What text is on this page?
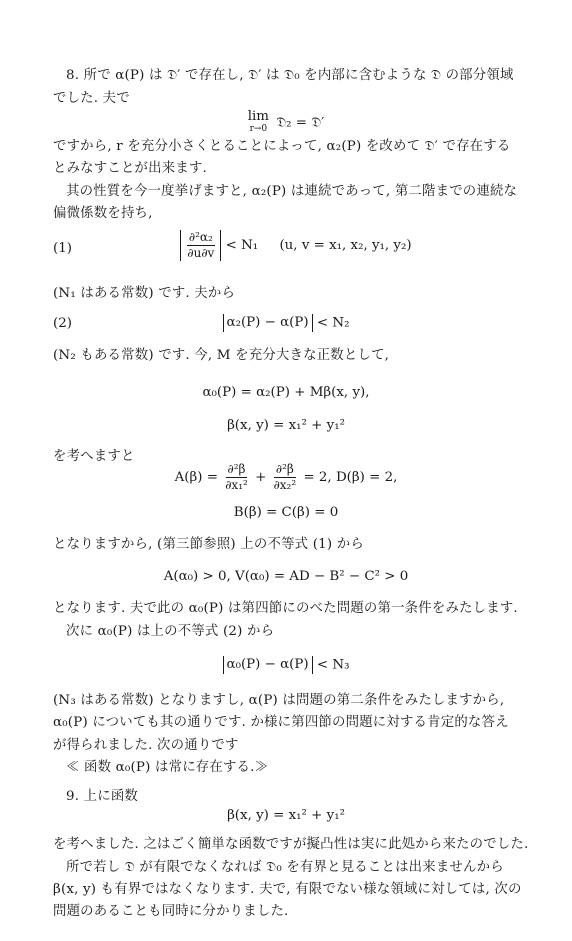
8. 所で α(P) は 𝔇′ で存在し, 𝔇′ は 𝔇₀ を内部に含むような 𝔇 の部分領域
でした. 夫で
lim
r→0 𝔇₂ = 𝔇′
ですから, r を充分小さくとることによって, α₂(P) を改めて 𝔇′ で存在する
とみなすことが出来ます.
其の性質を今一度挙げますと, α₂(P) は連続であって, 第二階までの連続な
偏微係数を持ち,
(1)	$\frac{\text{∂²α₂}}{\partial u\partial v} < N_1$ (u, v = x₁, x₂, y₁, y₂)
(N₁ はある常数) です. 夫から
(2)	α₂(P) − α(P) < N₂
(N₂ もある常数) です. 今, M を充分大きな正数として,
α₀(P) = α₂(P) + Mβ(x, y),
β(x, y) = x₁² + y₁²
を考へますと
$A(\beta) = \frac{\text{∂²β}}{\text{∂x₁²}} + \frac{\text{∂²β}}{\text{∂x₂²}} = 2$, D(β) = 2,
B(β) = C(β) = 0
となりますから, (第三節参照) 上の不等式 (1) から
A(α₀) > 0, V(α₀) = AD − B² − C² > 0
となります. 夫で此の α₀(P) は第四節にのべた問題の第一条件をみたします.
次に α₀(P) は上の不等式 (2) から
α₀(P) − α(P) < N₃
(N₃ はある常数) となりますし, α(P) は問題の第二条件をみたしますから,
α₀(P) についても其の通りです. か様に第四節の問題に対する肯定的な答え
が得られました. 次の通りです
≪ 函数 α₀(P) は常に存在する.≫
9. 上に函数
β(x, y) = x₁² + y₁²
を考へました. 之はごく簡単な函数ですが擬凸性は実に此処から来たのでした.
所で若し 𝔇 が有限でなくなれば 𝔇₀ を有界と見ることは出来ませんから
β(x, y) も有界ではなくなります. 夫で, 有限でない様な領域に対しては, 次の
問題のあることも同時に分かりました.
